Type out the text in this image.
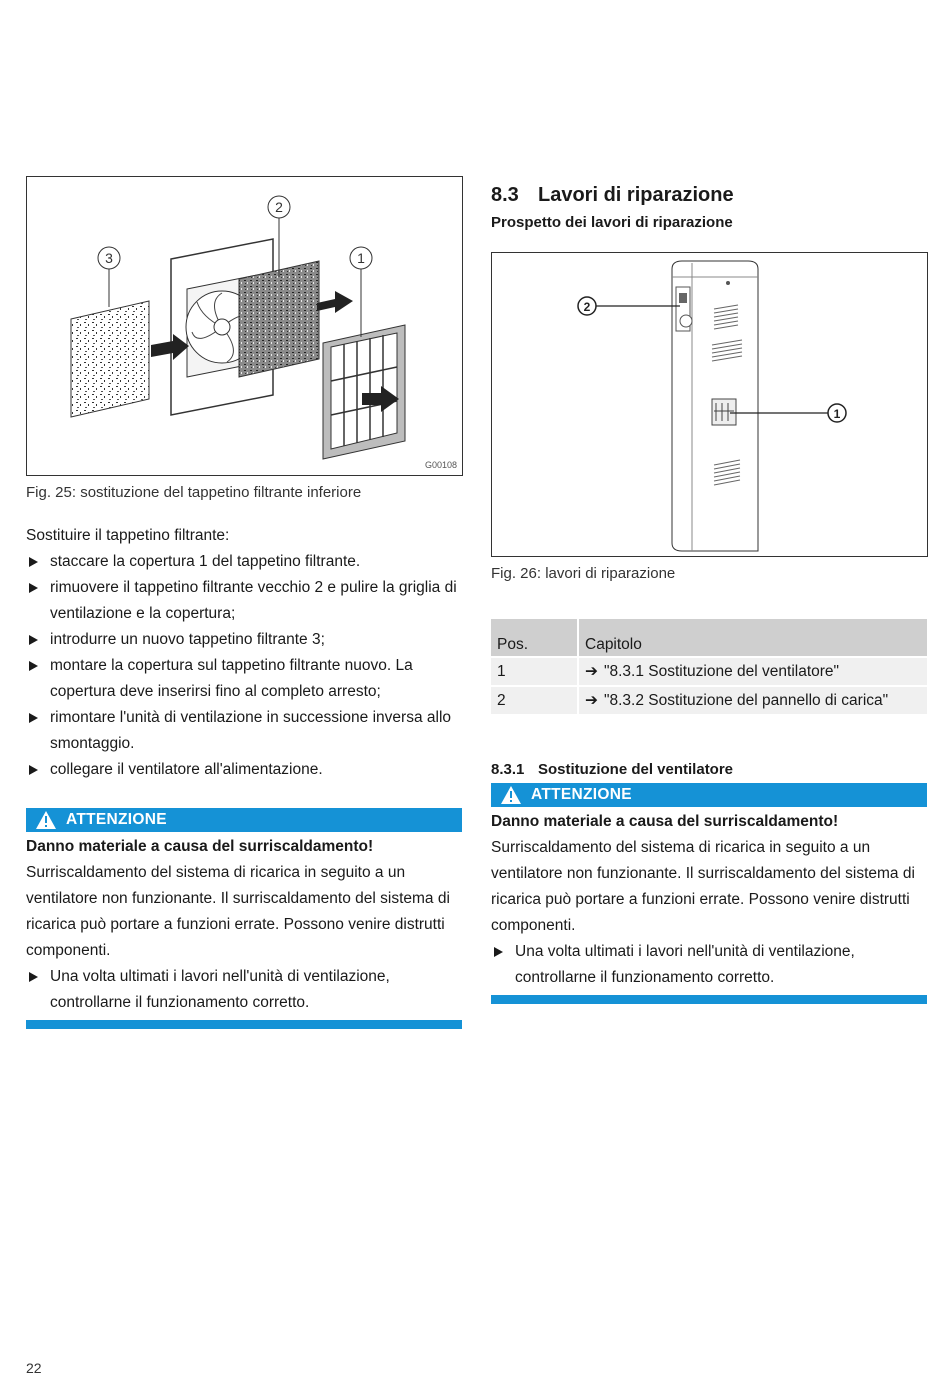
3
2
1
G00108
Fig. 25: sostituzione del tappetino filtrante inferiore

Sostituire il tappetino filtrante:

staccare la copertura 1 del tappetino filtrante.
rimuovere il tappetino filtrante vecchio 2 e pulire la griglia di ventilazione e la copertura;
introdurre un nuovo tappetino filtrante 3;
montare la copertura sul tappetino filtrante nuovo. La copertura deve inserirsi fino al completo arresto;
rimontare l'unità di ventilazione in successione inversa allo smontaggio.
collegare il ventilatore all'alimentazione.
ATTENZIONE

Danno materiale a causa del surriscaldamento!

Surriscaldamento del sistema di ricarica in seguito a un ventilatore non funzionante. Il surriscaldamento del sistema di ricarica può portare a funzioni errate. Possono venire distrutti componenti.

Una volta ultimati i lavori nell'unità di ventilazione, controllarne il funzionamento corretto.
8.3 Lavori di riparazione
Prospetto dei lavori di riparazione
2
1
Fig. 26: lavori di riparazione
Pos.	Capitolo
1	➔ "8.3.1 Sostituzione del ventilatore"
2	➔ "8.3.2 Sostituzione del pannello di carica"
8.3.1 Sostituzione del ventilatore
ATTENZIONE

Danno materiale a causa del surriscaldamento!

Surriscaldamento del sistema di ricarica in seguito a un ventilatore non funzionante. Il surriscaldamento del sistema di ricarica può portare a funzioni errate. Possono venire distrutti componenti.

Una volta ultimati i lavori nell'unità di ventilazione, controllarne il funzionamento corretto.
22
